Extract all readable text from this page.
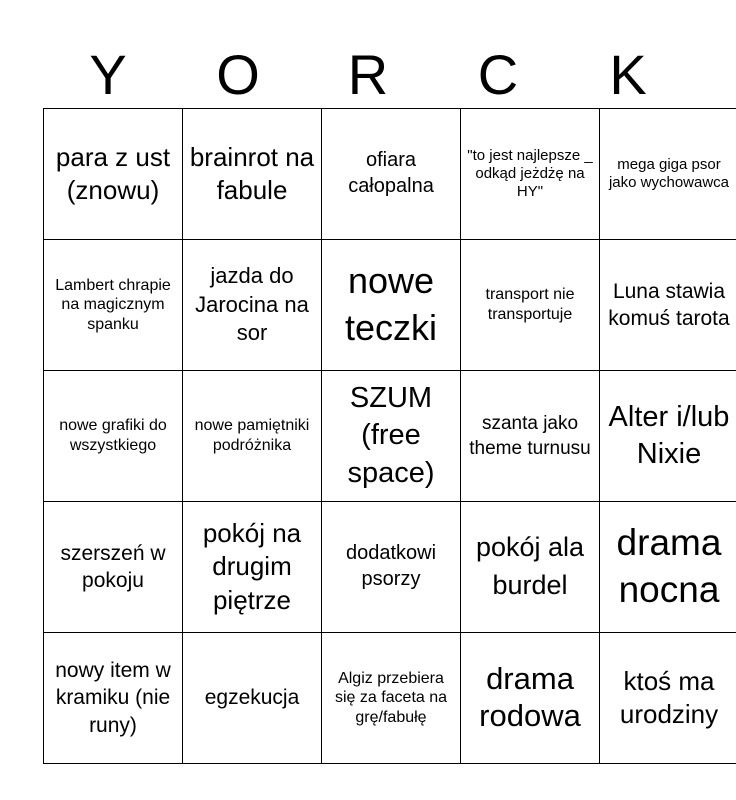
Y	O	R	C	K
para z ust (znowu)	brainrot na fabule	ofiara całopalna	"to jest najlepsze _ odkąd jeżdżę na HY"	mega giga psor jako wychowawca
Lambert chrapie na magicznym spanku	jazda do Jarocina na sor	nowe teczki	transport nie transportuje	Luna stawia komuś tarota
nowe grafiki do wszystkiego	nowe pamiętniki podróżnika	SZUM (free space)	szanta jako theme turnusu	Alter i/lub Nixie
szerszeń w pokoju	pokój na drugim piętrze	dodatkowi psorzy	pokój ala burdel	drama nocna
nowy item w kramiku (nie runy)	egzekucja	Algiz przebiera się za faceta na grę/fabułę	drama rodowa	ktoś ma urodziny
